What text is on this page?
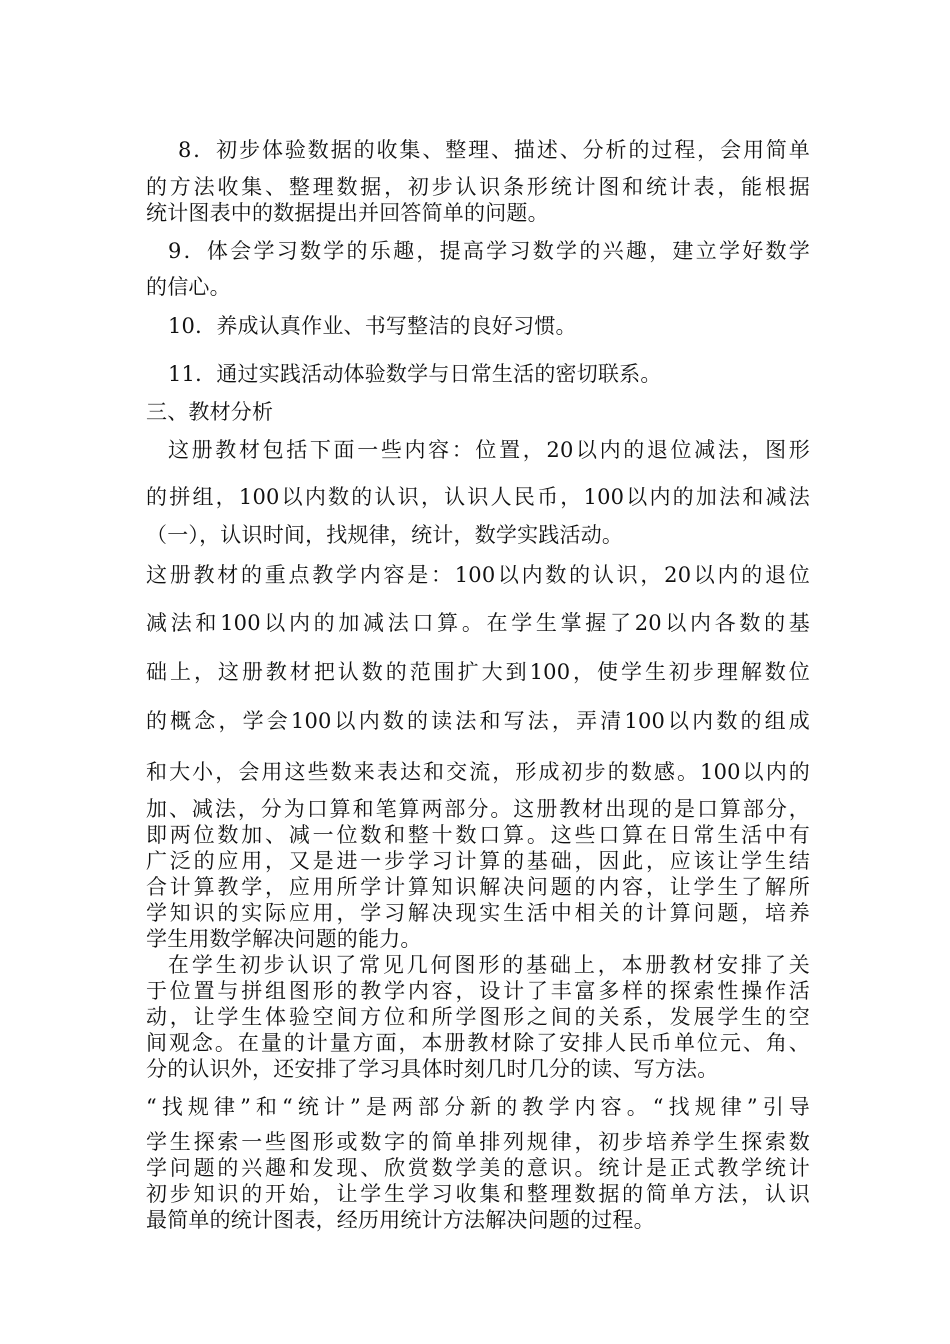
8．初步体验数据的收集、整理、描述、分析的过程，会用简单
的方法收集、整理数据，初步认识条形统计图和统计表，能根据
统计图表中的数据提出并回答简单的问题。
9．体会学习数学的乐趣，提高学习数学的兴趣，建立学好数学
的信心。
10．养成认真作业、书写整洁的良好习惯。
11．通过实践活动体验数学与日常生活的密切联系。
三、教材分析
这册教材包括下面一些内容：位置，20以内的退位减法，图形
的拼组，100以内数的认识，认识人民币，100以内的加法和减法
（一），认识时间，找规律，统计，数学实践活动。
这册教材的重点教学内容是：100以内数的认识，20以内的退位
减法和100以内的加减法口算。在学生掌握了20以内各数的基
础上，这册教材把认数的范围扩大到100，使学生初步理解数位
的概念，学会100以内数的读法和写法，弄清100以内数的组成
和大小，会用这些数来表达和交流，形成初步的数感。100以内的
加、减法，分为口算和笔算两部分。这册教材出现的是口算部分，
即两位数加、减一位数和整十数口算。这些口算在日常生活中有
广泛的应用，又是进一步学习计算的基础，因此，应该让学生结
合计算教学，应用所学计算知识解决问题的内容，让学生了解所
学知识的实际应用，学习解决现实生活中相关的计算问题，培养
学生用数学解决问题的能力。
在学生初步认识了常见几何图形的基础上，本册教材安排了关
于位置与拼组图形的教学内容，设计了丰富多样的探索性操作活
动，让学生体验空间方位和所学图形之间的关系，发展学生的空
间观念。在量的计量方面，本册教材除了安排人民币单位元、角、
分的认识外，还安排了学习具体时刻几时几分的读、写方法。
“找规律”和“统计”是两部分新的教学内容。“找规律”引导
学生探索一些图形或数字的简单排列规律，初步培养学生探索数
学问题的兴趣和发现、欣赏数学美的意识。统计是正式教学统计
初步知识的开始，让学生学习收集和整理数据的简单方法，认识
最简单的统计图表，经历用统计方法解决问题的过程。
